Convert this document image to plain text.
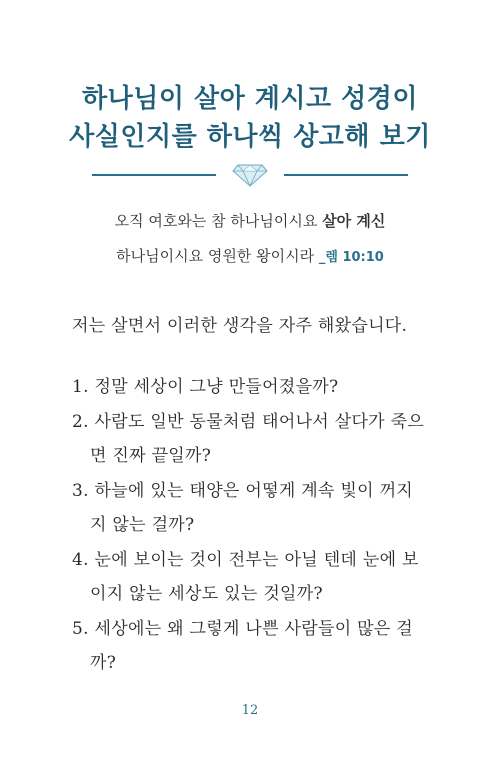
하나님이 살아 계시고 성경이
사실인지를 하나씩 상고해 보기
오직 여호와는 참 하나님이시요 살아 계신
하나님이시요 영원한 왕이시라 _렘 10:10
저는 살면서 이러한 생각을 자주 해왔습니다.
1. 정말 세상이 그냥 만들어졌을까?
2. 사람도 일반 동물처럼 태어나서 살다가 죽으
면 진짜 끝일까?
3. 하늘에 있는 태양은 어떻게 계속 빛이 꺼지
지 않는 걸까?
4. 눈에 보이는 것이 전부는 아닐 텐데 눈에 보
이지 않는 세상도 있는 것일까?
5. 세상에는 왜 그렇게 나쁜 사람들이 많은 걸
까?
12
